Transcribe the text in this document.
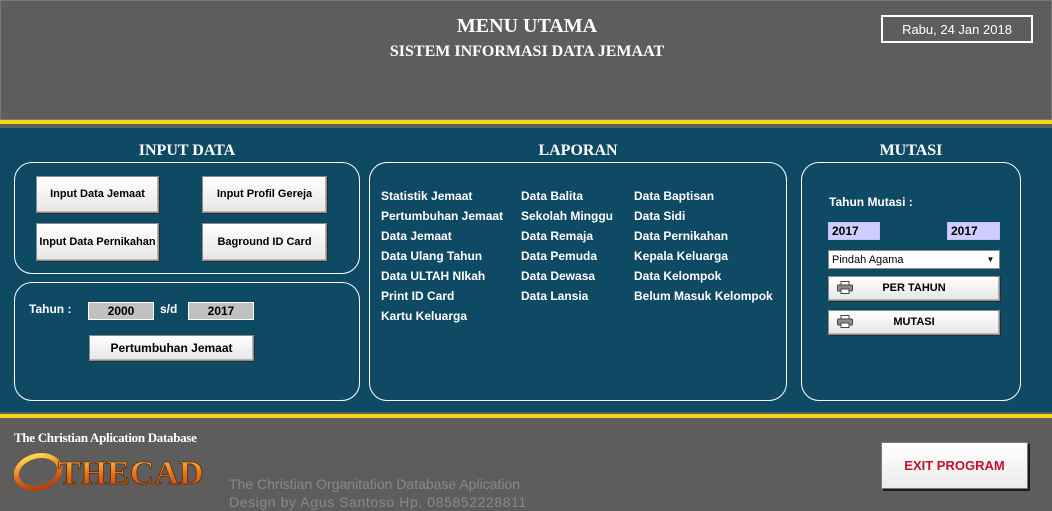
MENU UTAMA
SISTEM INFORMASI DATA JEMAAT
Rabu, 24 Jan 2018
INPUT DATA
Input Data Jemaat	Input Profil Gereja
Input Data Pernikahan	Baground ID Card
Tahun :	2000	s/d	2017
Pertumbuhan Jemaat
LAPORAN
Statistik Jemaat
Pertumbuhan Jemaat
Data Jemaat
Data Ulang Tahun
Data ULTAH NIkah
Print ID Card
Kartu Keluarga
Data Balita
Sekolah Minggu
Data Remaja
Data Pemuda
Data Dewasa
Data Lansia
Data Baptisan
Data Sidi
Data Pernikahan
Kepala Keluarga
Data Kelompok
Belum Masuk Kelompok
MUTASI
Tahun Mutasi :
2017	2017
Pindah Agama	▼
PER TAHUN
MUTASI
The Christian Aplication Database
THECAD The Christian Organitation Database Aplication
Design by Agus Santoso Hp. 085852228811
EXIT PROGRAM
